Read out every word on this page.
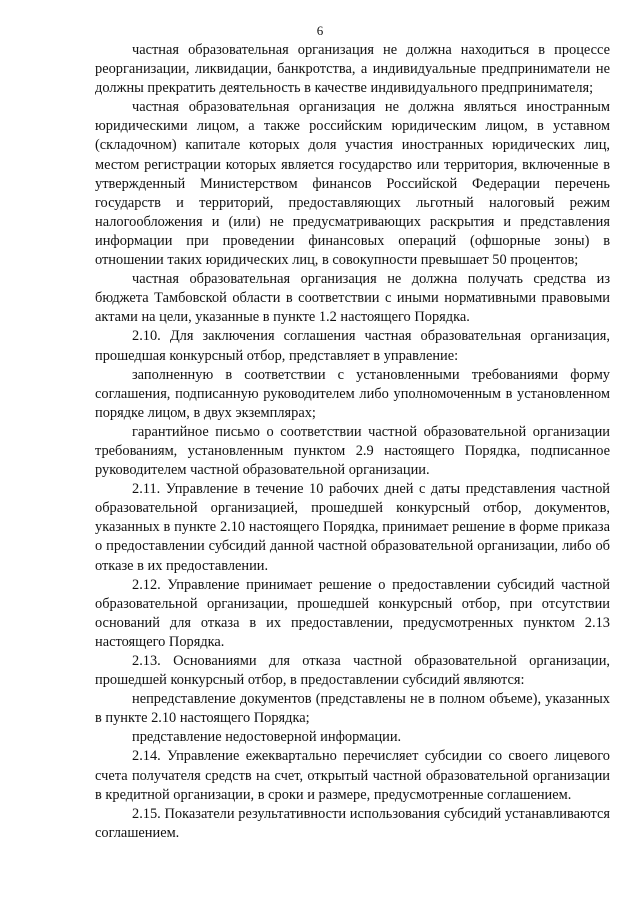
6

частная образовательная организация не должна находиться в процессе реорганизации, ликвидации, банкротства, а индивидуальные предприниматели не должны прекратить деятельность в качестве индивидуального предпринимателя;

частная образовательная организация не должна являться иностранным юридическими лицом, а также российским юридическим лицом, в уставном (складочном) капитале которых доля участия иностранных юридических лиц, местом регистрации которых является государство или территория, включенные в утвержденный Министерством финансов Российской Федерации перечень государств и территорий, предоставляющих льготный налоговый режим налогообложения и (или) не предусматривающих раскрытия и представления информации при проведении финансовых операций (офшорные зоны) в отношении таких юридических лиц, в совокупности превышает 50 процентов;

частная образовательная организация не должна получать средства из бюджета Тамбовской области в соответствии с иными нормативными правовыми актами на цели, указанные в пункте 1.2 настоящего Порядка.

2.10. Для заключения соглашения частная образовательная организация, прошедшая конкурсный отбор, представляет в управление:

заполненную в соответствии с установленными требованиями форму соглашения, подписанную руководителем либо уполномоченным в установленном порядке лицом, в двух экземплярах;

гарантийное письмо о соответствии частной образовательной организации требованиям, установленным пунктом 2.9 настоящего Порядка, подписанное руководителем частной образовательной организации.

2.11. Управление в течение 10 рабочих дней с даты представления частной образовательной организацией, прошедшей конкурсный отбор, документов, указанных в пункте 2.10 настоящего Порядка, принимает решение в форме приказа о предоставлении субсидий данной частной образовательной организации, либо об отказе в их предоставлении.

2.12. Управление принимает решение о предоставлении субсидий частной образовательной организации, прошедшей конкурсный отбор, при отсутствии оснований для отказа в их предоставлении, предусмотренных пунктом 2.13 настоящего Порядка.

2.13. Основаниями для отказа частной образовательной организации, прошедшей конкурсный отбор, в предоставлении субсидий являются:

непредставление документов (представлены не в полном объеме), указанных в пункте 2.10 настоящего Порядка;

представление недостоверной информации.

2.14. Управление ежеквартально перечисляет субсидии со своего лицевого счета получателя средств на счет, открытый частной образовательной организации в кредитной организации, в сроки и размере, предусмотренные соглашением.

2.15. Показатели результативности использования субсидий устанавливаются соглашением.
